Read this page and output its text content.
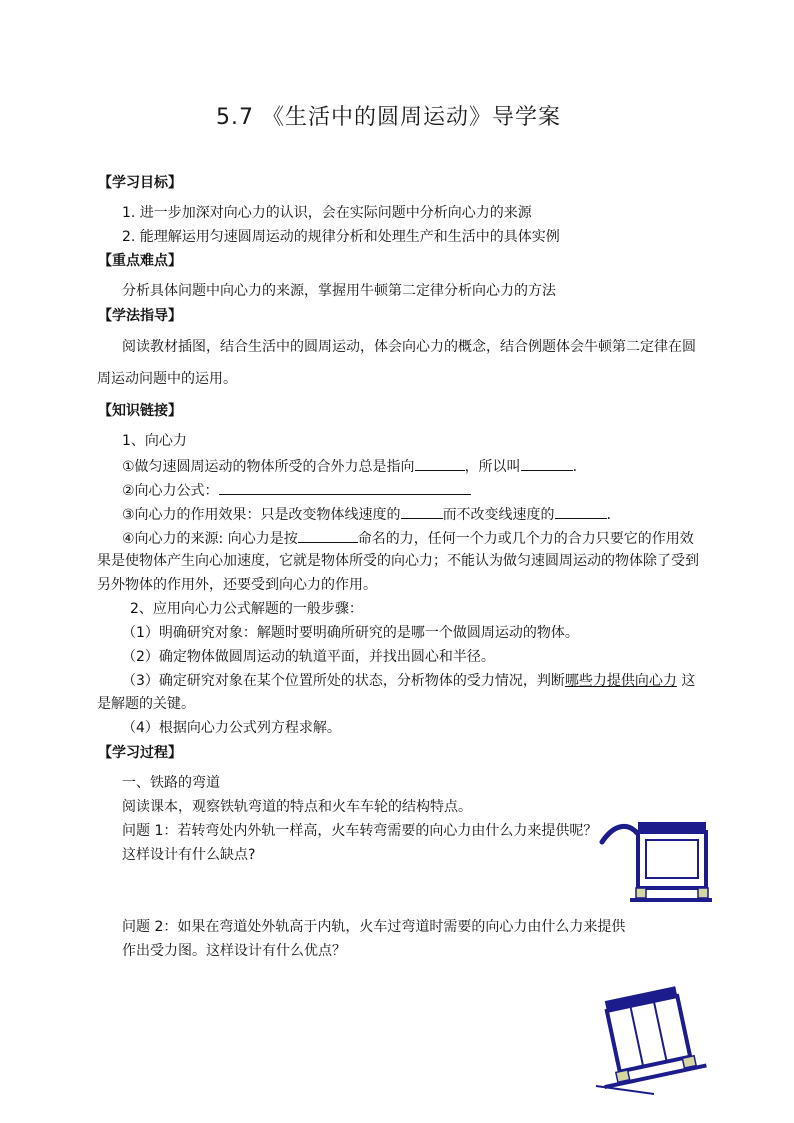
5.7 《生活中的圆周运动》导学案
【学习目标】
1. 进一步加深对向心力的认识，会在实际问题中分析向心力的来源
2. 能理解运用匀速圆周运动的规律分析和处理生产和生活中的具体实例
【重点难点】
分析具体问题中向心力的来源，掌握用牛顿第二定律分析向心力的方法
【学法指导】
阅读教材插图，结合生活中的圆周运动，体会向心力的概念，结合例题体会牛顿第二定律在圆
周运动问题中的运用。
【知识链接】
1、向心力
①做匀速圆周运动的物体所受的合外力总是指向	，所以叫	．
②向心力公式：
③向心力的作用效果：只是改变物体线速度的	而不改变线速度的	．
④向心力的来源: 向心力是按	命名的力，任何一个力或几个力的合力只要它的作用效
果是使物体产生向心加速度，它就是物体所受的向心力；不能认为做匀速圆周运动的物体除了受到
另外物体的作用外，还要受到向心力的作用。
2、应用向心力公式解题的一般步骤：
（1）明确研究对象：解题时要明确所研究的是哪一个做圆周运动的物体。
（2）确定物体做圆周运动的轨道平面，并找出圆心和半径。
（3）确定研究对象在某个位置所处的状态，分析物体的受力情况，判断哪些力提供向心力 这
是解题的关键。
（4）根据向心力公式列方程求解。
【学习过程】
一、铁路的弯道
阅读课本，观察铁轨弯道的特点和火车车轮的结构特点。
问题 1：若转弯处内外轨一样高，火车转弯需要的向心力由什么力来提供呢？
这样设计有什么缺点?
问题 2：如果在弯道处外轨高于内轨，火车过弯道时需要的向心力由什么力来提供
作出受力图。这样设计有什么优点？
